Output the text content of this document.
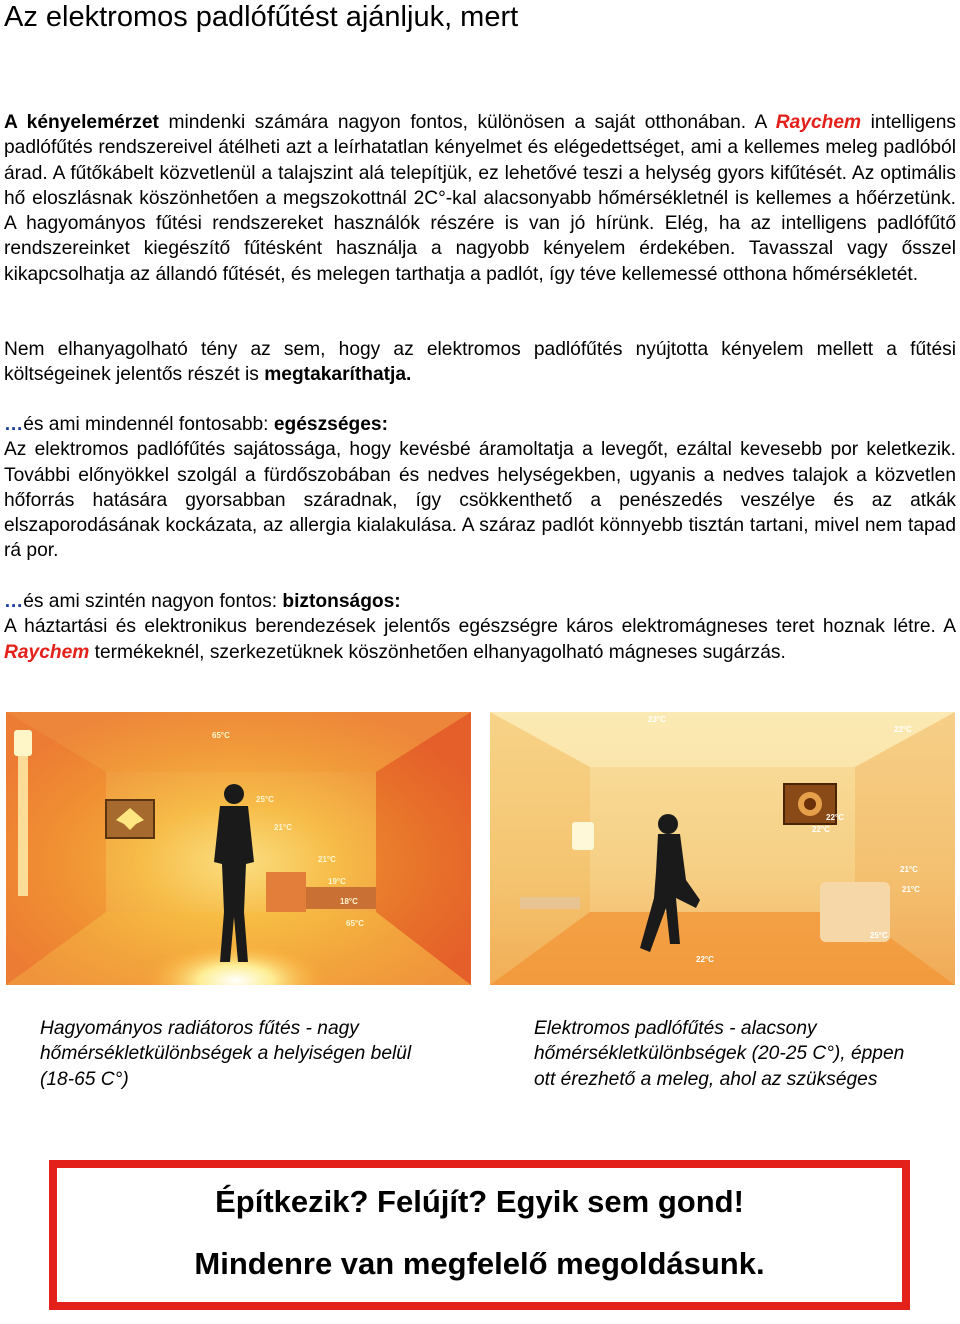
Az elektromos padlófűtést ajánljuk, mert

A kényelemérzet mindenki számára nagyon fontos, különösen a saját otthonában. A Raychem intelligens padlófűtés rendszereivel átélheti azt a leírhatatlan kényelmet és elégedettséget, ami a kellemes meleg padlóból árad. A fűtőkábelt közvetlenül a talajszint alá telepítjük, ez lehetővé teszi a helység gyors kifűtését. Az optimális hő eloszlásnak köszönhetően a megszokottnál 2C°-kal alacsonyabb hőmérsékletnél is kellemes a hőérzetünk. A hagyományos fűtési rendszereket használók részére is van jó hírünk. Elég, ha az intelligens padlófűtő rendszereinket kiegészítő fűtésként használja a nagyobb kényelem érdekében. Tavasszal vagy ősszel kikapcsolhatja az állandó fűtését, és melegen tarthatja a padlót, így téve kellemessé otthona hőmérsékletét.

Nem elhanyagolható tény az sem, hogy az elektromos padlófűtés nyújtotta kényelem mellett a fűtési költségeinek jelentős részét is megtakaríthatja.

…és ami mindennél fontosabb: egészséges:
Az elektromos padlófűtés sajátossága, hogy kevésbé áramoltatja a levegőt, ezáltal kevesebb por keletkezik. További előnyökkel szolgál a fürdőszobában és nedves helységekben, ugyanis a nedves talajok a közvetlen hőforrás hatására gyorsabban száradnak, így csökkenthető a penészedés veszélye és az atkák elszaporodásának kockázata, az allergia kialakulása. A száraz padlót könnyebb tisztán tartani, mivel nem tapad rá por.

…és ami szintén nagyon fontos: biztonságos:
A háztartási és elektronikus berendezések jelentős egészségre káros elektromágneses teret hoznak létre. A Raychem termékeknél, szerkezetüknek köszönhetően elhanyagolható mágneses sugárzás.

65°C
25°C
21°C
21°C
19°C
18°C
65°C
23°C
22°C
22°C
22°C
21°C
21°C
25°C
22°C
Hagyományos radiátoros fűtés - nagy hőmérsékletkülönbségek a helyiségen belül (18-65 C°)
Elektromos padlófűtés - alacsony hőmérsékletkülönbségek (20-25 C°), éppen ott érezhető a meleg, ahol az szükséges
Építkezik? Felújít? Egyik sem gond!
Mindenre van megfelelő megoldásunk.
